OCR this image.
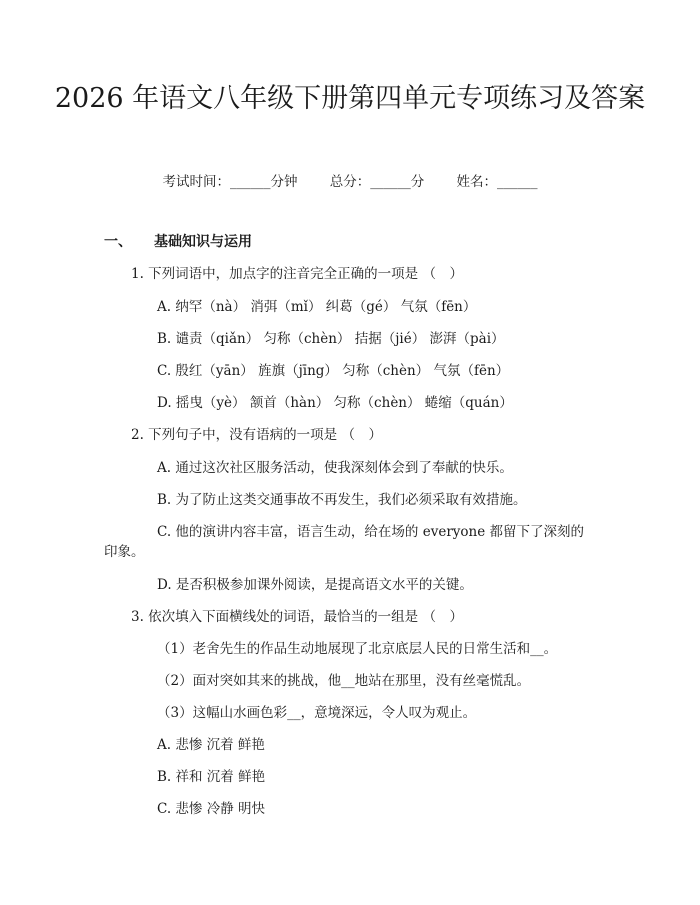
2026 年语文八年级下册第四单元专项练习及答案
考试时间：______分钟 总分：______分 姓名：______
一、 基础知识与运用
1. 下列词语中，加点字的注音完全正确的一项是 （　）
A. 纳罕（nà） 消弭（mǐ） 纠葛（gé） 气氛（fēn）
B. 谴责（qiǎn） 匀称（chèn） 拮据（jié） 澎湃（pài）
C. 殷红（yān） 旌旗（jīng） 匀称（chèn） 气氛（fēn）
D. 摇曳（yè） 颔首（hàn） 匀称（chèn） 蜷缩（quán）
2. 下列句子中，没有语病的一项是 （　）
A. 通过这次社区服务活动，使我深刻体会到了奉献的快乐。
B. 为了防止这类交通事故不再发生，我们必须采取有效措施。
C. 他的演讲内容丰富，语言生动，给在场的 everyone 都留下了深刻的
印象。
D. 是否积极参加课外阅读，是提高语文水平的关键。
3. 依次填入下面横线处的词语，最恰当的一组是 （　）
（1）老舍先生的作品生动地展现了北京底层人民的日常生活和__。
（2）面对突如其来的挑战，他__地站在那里，没有丝毫慌乱。
（3）这幅山水画色彩__，意境深远，令人叹为观止。
A. 悲惨 沉着 鲜艳
B. 祥和 沉着 鲜艳
C. 悲惨 冷静 明快
